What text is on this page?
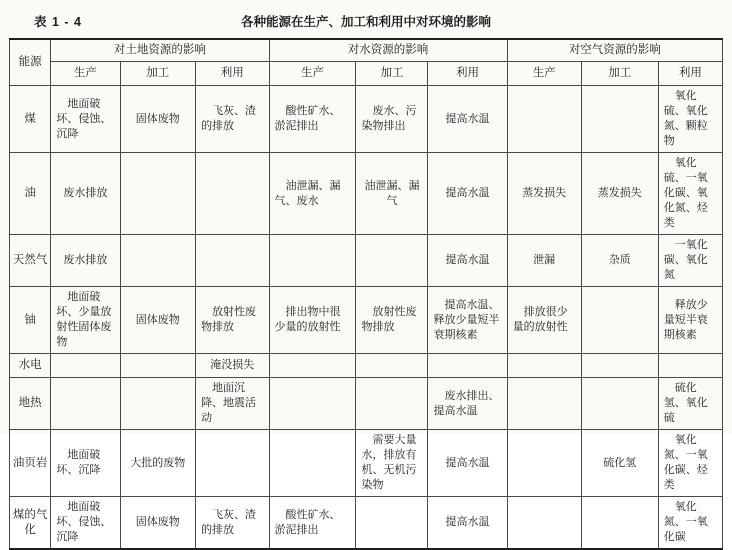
表 1 - 4	各种能源在生产、加工和利用中对环境的影响
能源	对土地资源的影响			对水资源的影响			对空气资源的影响		
	生产	加工	利用	生产	加工	利用	生产	加工	利用
煤	地面破坏、侵蚀、沉降	固体废物	飞灰、渣的排放	酸性矿水、淤泥排出	废水、污染物排出	提高水温			氧化硫、氧化氮、颗粒物
油	废水排放			油泄漏、漏气、废水	油泄漏、漏气	提高水温	蒸发损失	蒸发损失	氧化硫、一氧化碳、氧化氮、烃类
天然气	废水排放					提高水温	泄漏	杂质	一氧化碳、氧化氮
铀	地面破坏、少量放射性固体废物	固体废物	放射性废物排放	排出物中很少量的放射性	放射性废物排放	提高水温、释放少量短半衰期核素	排放很少量的放射性		释放少量短半衰期核素
水电			淹没损失						
地热			地面沉降、地震活动			废水排出、提高水温			硫化氢、氧化硫
油页岩	地面破坏、沉降	大批的废物			需要大量水，排放有机、无机污染物	提高水温		硫化氢	氧化氮、一氧化碳、烃类
煤的气化	地面破坏、侵蚀、沉降	固体废物	飞灰、渣的排放	酸性矿水、淤泥排出		提高水温			氧化氮、一氧化碳
